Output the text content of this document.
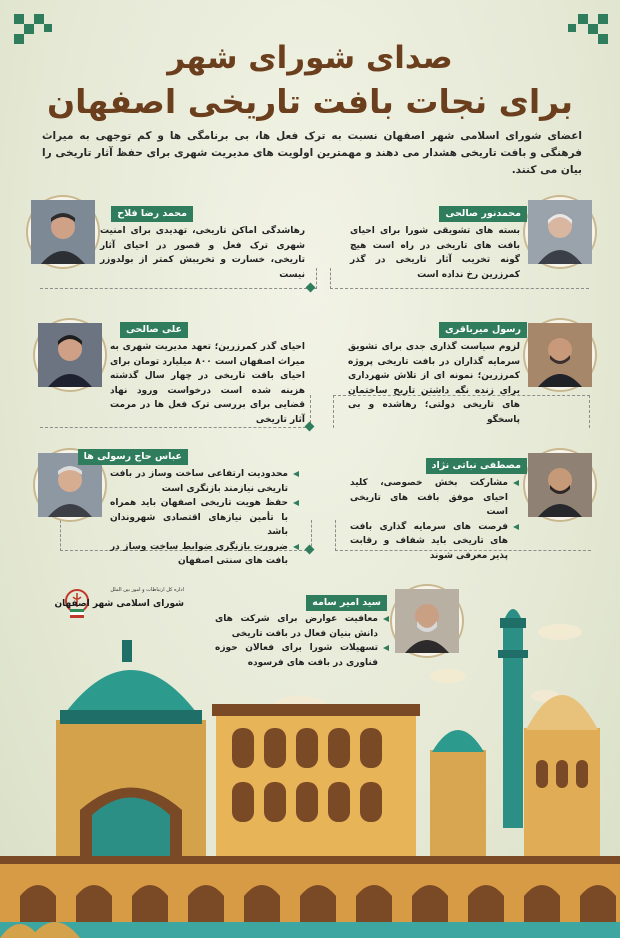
صدای شورای شهر
برای نجات بافت تاریخی اصفهان
اعضای شورای اسلامی شهر اصفهان نسبت به ترک فعل ها، بی برنامگی ها و کم توجهی به میراث فرهنگی و بافت تاریخی هشدار می دهند و مهمترین اولویت های مدیریت شهری برای حفظ آثار تاریخی را بیان می کنند.
محمدنور صالحی
بسته های تشویقی شورا برای احیای بافت های تاریخی در راه است هیچ گونه تخریب آثار تاریخی در گذر کمرزرین رخ نداده است
محمد رضا فلاح
رهاشدگی اماکن تاریخی، تهدیدی برای امنیت شهری ترک فعل و قصور در احیای آثار تاریخی، خسارت و تخریبش کمتر از بولدوزر نیست
رسول میرباقری
لزوم سیاست گذاری جدی برای تشویق سرمایه گذاران در بافت تاریخی پروژه کمرزرین؛ نمونه ای از تلاش شهرداری برای زنده نگه داشتن تاریخ ساختمان های تاریخی دولتی؛ رهاشده و بی پاسخگو
علی صالحی
احیای گذر کمرزرین؛ تعهد مدیریت شهری به میراث اصفهان است ۸۰۰ میلیارد تومان برای احیای بافت تاریخی در چهار سال گذشته هزینه شده است درخواست ورود نهاد قضایی برای بررسی ترک فعل ها در مرمت آثار تاریخی
مصطفی نباتی نژاد
مشارکت بخش خصوصی، کلید احیای موفق بافت های تاریخی است
فرصت های سرمایه گذاری بافت های تاریخی باید شفاف و رقابت پذیر معرفی شوند
عباس حاج رسولی ها
محدودیت ارتفاعی ساخت وساز در بافت تاریخی نیازمند بازنگری است
حفظ هویت تاریخی اصفهان باید همراه با تأمین نیازهای اقتصادی شهروندان باشد
ضرورت بازنگری ضوابط ساخت وساز در بافت های سنتی اصفهان
سید امیر سامه
معافیت عوارض برای شرکت های دانش بنیان فعال در بافت تاریخی
تسهیلات شورا برای فعالان حوزه فناوری در بافت های فرسوده
اداره کل ارتباطات و امور بین الملل
شورای اسلامی شهر اصفهان
